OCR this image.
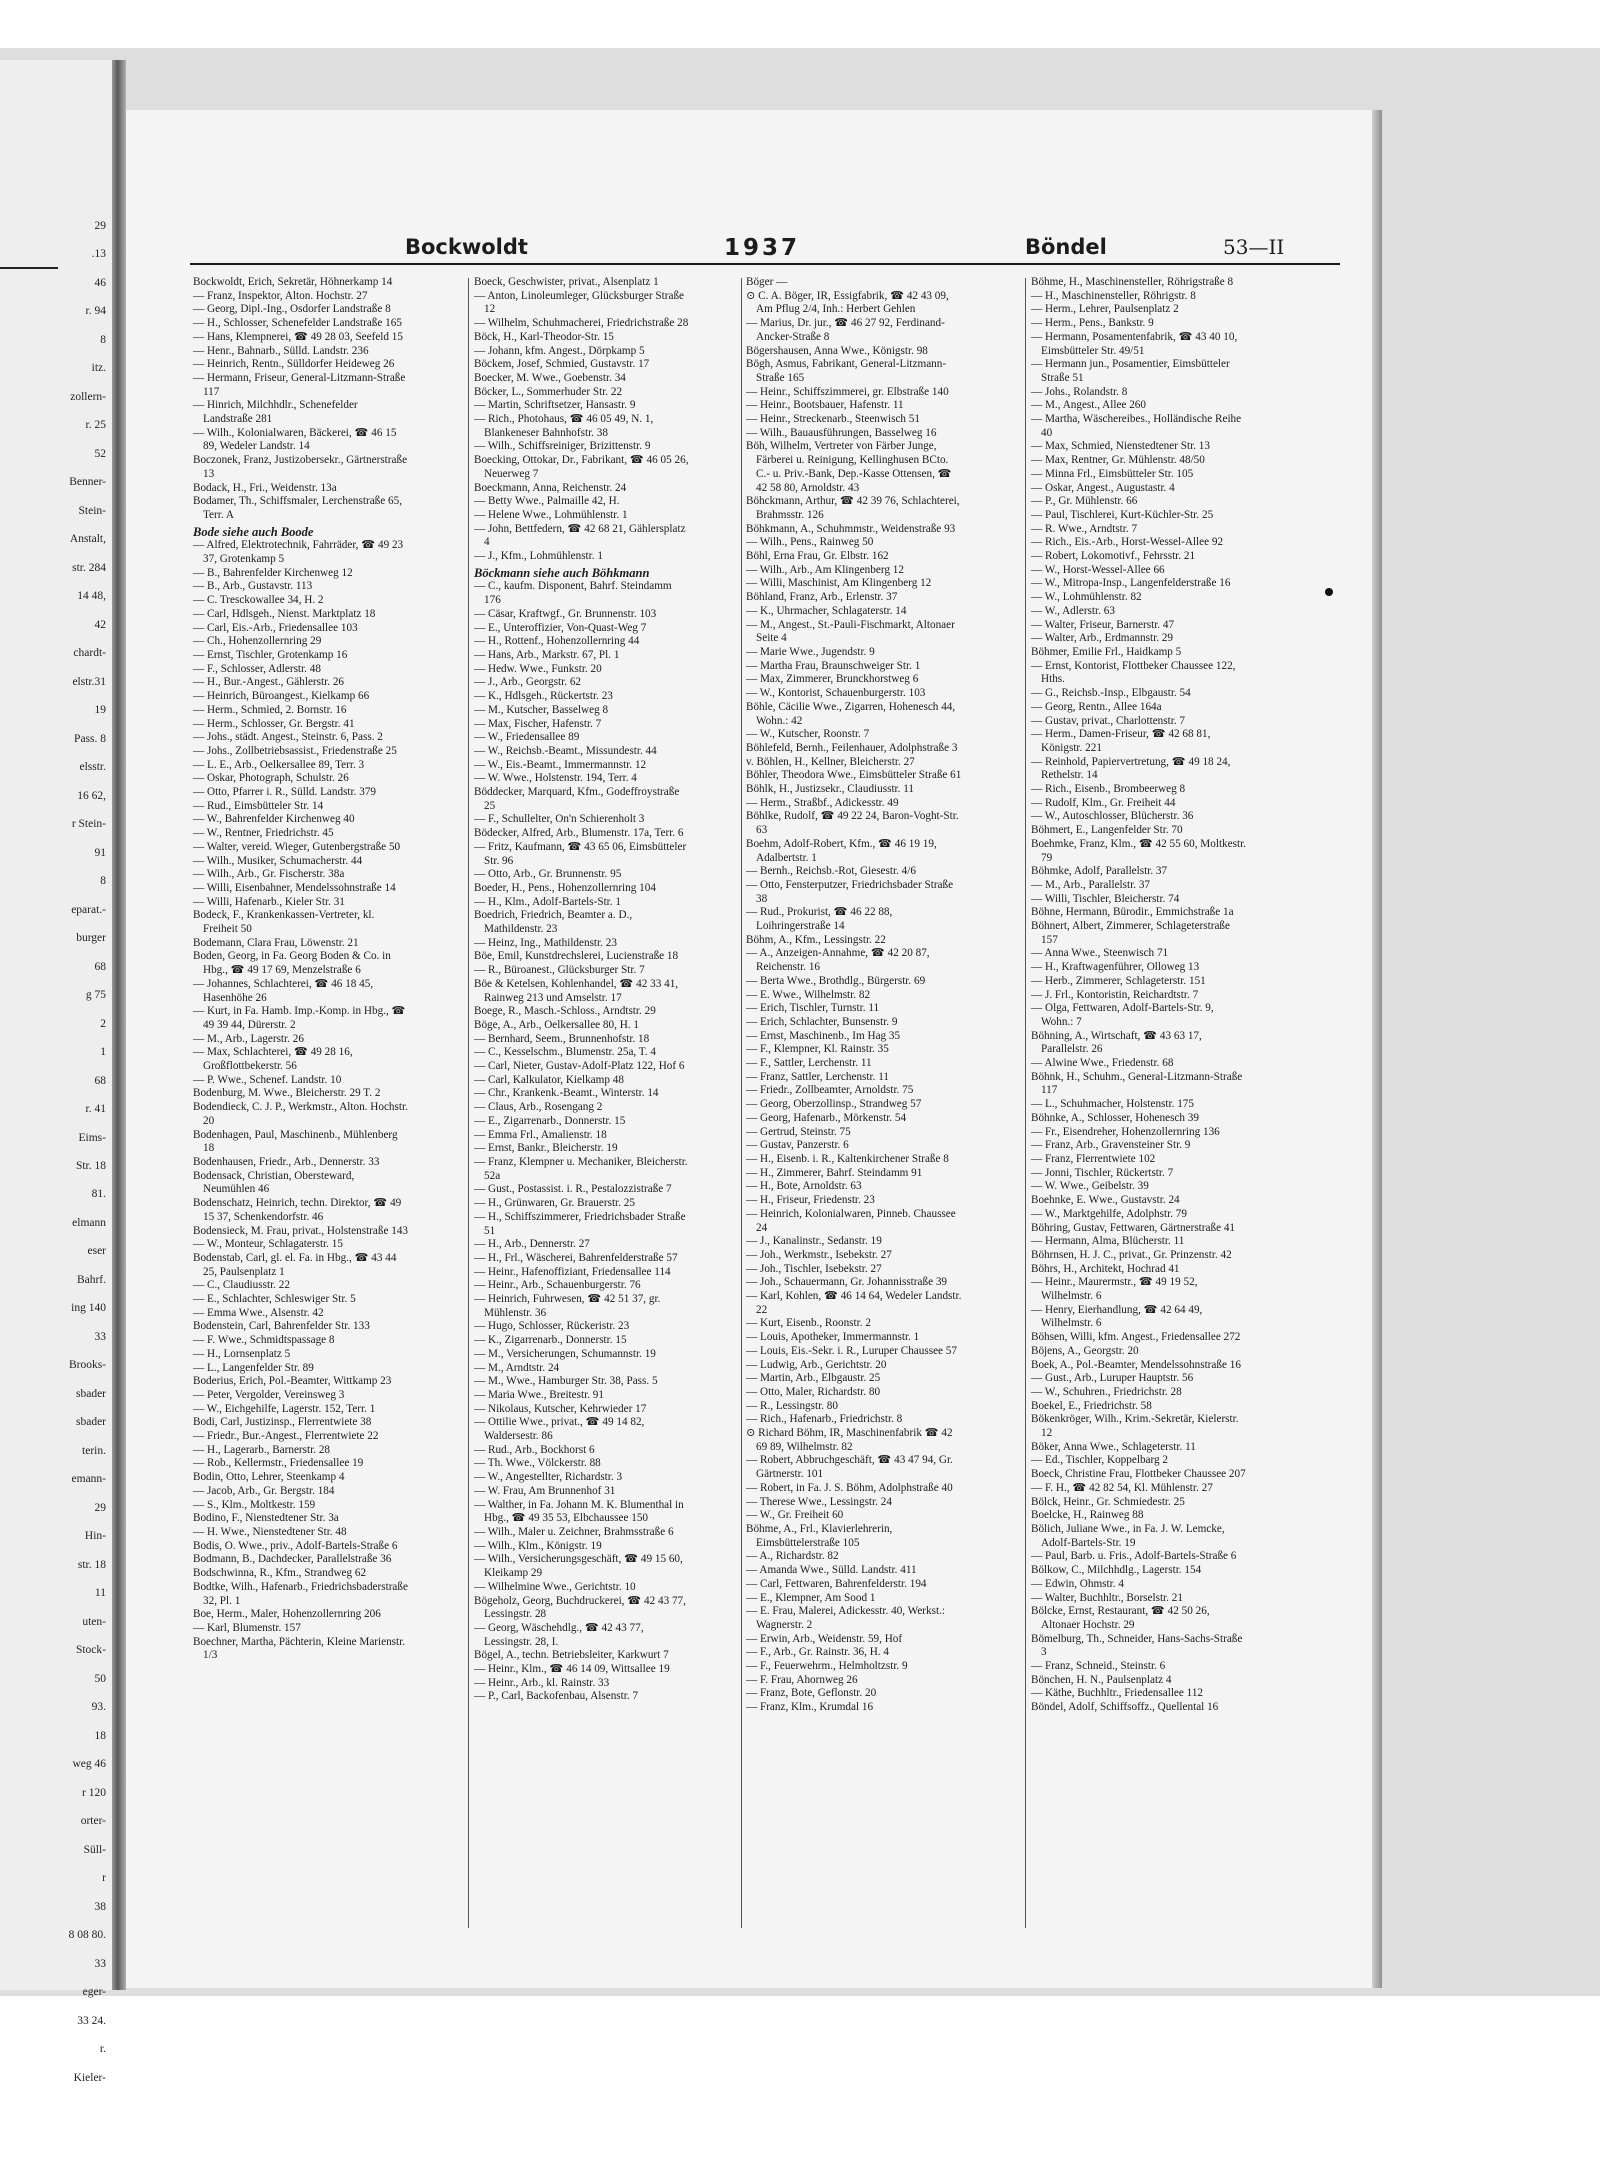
29
.13
46
r. 94
8
itz.
zollern-
r. 25
52
Benner-
Stein-
Anstalt,
str. 284
14 48,
42
chardt-
elstr.31
19
Pass. 8
elsstr.
16 62,
r Stein-
91
8
eparat.-
burger
68
g 75
2
1
68
r. 41
Eims-
Str. 18
81.
elmann
eser
Bahrf.
ing 140
33
Brooks-
sbader
sbader
terin.
emann-
29
Hin-
str. 18
11
uten-
Stock-
50
93.
18
weg 46
r 120
orter-
Süll-
r
38
8 08 80.
33
eger-
33 24.
r.
Kieler-
Bockwoldt	1937	Böndel	53—II

Bockwoldt, Erich, Sekretär, Höhnerkamp 14

— Franz, Inspektor, Alton. Hochstr. 27

— Georg, Dipl.-Ing., Osdorfer Landstraße 8

— H., Schlosser, Schenefelder Landstraße 165

— Hans, Klempnerei, ☎ 49 28 03, Seefeld 15

— Henr., Bahnarb., Sülld. Landstr. 236

— Heinrich, Rentn., Sülldorfer Heideweg 26

— Hermann, Friseur, General-Litzmann-Straße 117

— Hinrich, Milchhdlr., Schenefelder Landstraße 281

— Wilh., Kolonialwaren, Bäckerei, ☎ 46 15 89, Wedeler Landstr. 14

Boczonek, Franz, Justizobersekr., Gärtnerstraße 13

Bodack, H., Fri., Weidenstr. 13a

Bodamer, Th., Schiffsmaler, Lerchenstraße 65, Terr. A

Bode siehe auch Boode

— Alfred, Elektrotechnik, Fahrräder, ☎ 49 23 37, Grotenkamp 5

— B., Bahrenfelder Kirchenweg 12

— B., Arb., Gustavstr. 113

— C. Tresckowallee 34, H. 2

— Carl, Hdlsgeh., Nienst. Marktplatz 18

— Carl, Eis.-Arb., Friedensallee 103

— Ch., Hohenzollernring 29

— Ernst, Tischler, Grotenkamp 16

— F., Schlosser, Adlerstr. 48

— H., Bur.-Angest., Gählerstr. 26

— Heinrich, Büroangest., Kielkamp 66

— Herm., Schmied, 2. Bornstr. 16

— Herm., Schlosser, Gr. Bergstr. 41

— Johs., städt. Angest., Steinstr. 6, Pass. 2

— Johs., Zollbetriebsassist., Friedenstraße 25

— L. E., Arb., Oelkersallee 89, Terr. 3

— Oskar, Photograph, Schulstr. 26

— Otto, Pfarrer i. R., Sülld. Landstr. 379

— Rud., Eimsbütteler Str. 14

— W., Bahrenfelder Kirchenweg 40

— W., Rentner, Friedrichstr. 45

— Walter, vereid. Wieger, Gutenbergstraße 50

— Wilh., Musiker, Schumacherstr. 44

— Wilh., Arb., Gr. Fischerstr. 38a

— Willi, Eisenbahner, Mendelssohnstraße 14

— Willi, Hafenarb., Kieler Str. 31

Bodeck, F., Krankenkassen-Vertreter, kl. Freiheit 50

Bodemann, Clara Frau, Löwenstr. 21

Boden, Georg, in Fa. Georg Boden & Co. in Hbg., ☎ 49 17 69, Menzelstraße 6

— Johannes, Schlachterei, ☎ 46 18 45, Hasenhöhe 26

— Kurt, in Fa. Hamb. Imp.-Komp. in Hbg., ☎ 49 39 44, Dürerstr. 2

— M., Arb., Lagerstr. 26

— Max, Schlachterei, ☎ 49 28 16, Großflottbekerstr. 56

— P. Wwe., Schenef. Landstr. 10

Bodenburg, M. Wwe., Bleicherstr. 29 T. 2

Bodendieck, C. J. P., Werkmstr., Alton. Hochstr. 20

Bodenhagen, Paul, Maschinenb., Mühlenberg 18

Bodenhausen, Friedr., Arb., Dennerstr. 33

Bodensack, Christian, Obersteward, Neumühlen 46

Bodenschatz, Heinrich, techn. Direktor, ☎ 49 15 37, Schenkendorfstr. 46

Bodensieck, M. Frau, privat., Holstenstraße 143

— W., Monteur, Schlagaterstr. 15

Bodenstab, Carl, gl. el. Fa. in Hbg., ☎ 43 44 25, Paulsenplatz 1

— C., Claudiusstr. 22

— E., Schlachter, Schleswiger Str. 5

— Emma Wwe., Alsenstr. 42

Bodenstein, Carl, Bahrenfelder Str. 133

— F. Wwe., Schmidtspassage 8

— H., Lornsenplatz 5

— L., Langenfelder Str. 89

Boderius, Erich, Pol.-Beamter, Wittkamp 23

— Peter, Vergolder, Vereinsweg 3

— W., Eichgehilfe, Lagerstr. 152, Terr. 1

Bodi, Carl, Justizinsp., Flerrentwiete 38

— Friedr., Bur.-Angest., Flerrentwiete 22

— H., Lagerarb., Barnerstr. 28

— Rob., Kellermstr., Friedensallee 19

Bodin, Otto, Lehrer, Steenkamp 4

— Jacob, Arb., Gr. Bergstr. 184

— S., Klm., Moltkestr. 159

Bodino, F., Nienstedtener Str. 3a

— H. Wwe., Nienstedtener Str. 48

Bodis, O. Wwe., priv., Adolf-Bartels-Straße 6

Bodmann, B., Dachdecker, Parallelstraße 36

Bodschwinna, R., Kfm., Strandweg 62

Bodtke, Wilh., Hafenarb., Friedrichsbaderstraße 32, Pl. 1

Boe, Herm., Maler, Hohenzollernring 206

— Karl, Blumenstr. 157

Boechner, Martha, Pächterin, Kleine Marienstr. 1/3

Boeck, Geschwister, privat., Alsenplatz 1

— Anton, Linoleumleger, Glücksburger Straße 12

— Wilhelm, Schuhmacherei, Friedrichstraße 28

Böck, H., Karl-Theodor-Str. 15

— Johann, kfm. Angest., Dörpkamp 5

Böckem, Josef, Schmied, Gustavstr. 17

Boecker, M. Wwe., Goebenstr. 34

Böcker, L., Sommerhuder Str. 22

— Martin, Schriftsetzer, Hansastr. 9

— Rich., Photohaus, ☎ 46 05 49, N. 1, Blankeneser Bahnhofstr. 38

— Wilh., Schiffsreiniger, Brizittenstr. 9

Boecking, Ottokar, Dr., Fabrikant, ☎ 46 05 26, Neuerweg 7

Boeckmann, Anna, Reichenstr. 24

— Betty Wwe., Palmaille 42, H.

— Helene Wwe., Lohmühlenstr. 1

— John, Bettfedern, ☎ 42 68 21, Gählersplatz 4

— J., Kfm., Lohmühlenstr. 1

Böckmann siehe auch Böhkmann

— C., kaufm. Disponent, Bahrf. Steindamm 176

— Cäsar, Kraftwgf., Gr. Brunnenstr. 103

— E., Unteroffizier, Von-Quast-Weg 7

— H., Rottenf., Hohenzollernring 44

— Hans, Arb., Markstr. 67, Pl. 1

— Hedw. Wwe., Funkstr. 20

— J., Arb., Georgstr. 62

— K., Hdlsgeh., Rückertstr. 23

— M., Kutscher, Basselweg 8

— Max, Fischer, Hafenstr. 7

— W., Friedensallee 89

— W., Reichsb.-Beamt., Missundestr. 44

— W., Eis.-Beamt., Immermannstr. 12

— W. Wwe., Holstenstr. 194, Terr. 4

Böddecker, Marquard, Kfm., Godeffroystraße 25

— F., Schullelter, On'n Schierenholt 3

Bödecker, Alfred, Arb., Blumenstr. 17a, Terr. 6

— Fritz, Kaufmann, ☎ 43 65 06, Eimsbütteler Str. 96

— Otto, Arb., Gr. Brunnenstr. 95

Boeder, H., Pens., Hohenzollernring 104

— H., Klm., Adolf-Bartels-Str. 1

Boedrich, Friedrich, Beamter a. D., Mathildenstr. 23

— Heinz, Ing., Mathildenstr. 23

Böe, Emil, Kunstdrechslerei, Lucienstraße 18

— R., Büroanest., Glücksburger Str. 7

Böe & Ketelsen, Kohlenhandel, ☎ 42 33 41, Rainweg 213 und Amselstr. 17

Boege, R., Masch.-Schloss., Arndtstr. 29

Böge, A., Arb., Oelkersallee 80, H. 1

— Bernhard, Seem., Brunnenhofstr. 18

— C., Kesselschm., Blumenstr. 25a, T. 4

— Carl, Nieter, Gustav-Adolf-Platz 122, Hof 6

— Carl, Kalkulator, Kielkamp 48

— Chr., Krankenk.-Beamt., Winterstr. 14

— Claus, Arb., Rosengang 2

— E., Zigarrenarb., Donnerstr. 15

— Emma Frl., Amalienstr. 18

— Ernst, Bankr., Bleicherstr. 19

— Franz, Klempner u. Mechaniker, Bleicherstr. 52a

— Gust., Postassist. i. R., Pestalozzistraße 7

— H., Grünwaren, Gr. Brauerstr. 25

— H., Schiffszimmerer, Friedrichsbader Straße 51

— H., Arb., Dennerstr. 27

— H., Frl., Wäscherei, Bahrenfelderstraße 57

— Heinr., Hafenoffiziant, Friedensallee 114

— Heinr., Arb., Schauenburgerstr. 76

— Heinrich, Fuhrwesen, ☎ 42 51 37, gr. Mühlenstr. 36

— Hugo, Schlosser, Rückeristr. 23

— K., Zigarrenarb., Donnerstr. 15

— M., Versicherungen, Schumannstr. 19

— M., Arndtstr. 24

— M., Wwe., Hamburger Str. 38, Pass. 5

— Maria Wwe., Breitestr. 91

— Nikolaus, Kutscher, Kehrwieder 17

— Ottilie Wwe., privat., ☎ 49 14 82, Waldersestr. 86

— Rud., Arb., Bockhorst 6

— Th. Wwe., Völckerstr. 88

— W., Angestellter, Richardstr. 3

— W. Frau, Am Brunnenhof 31

— Walther, in Fa. Johann M. K. Blumenthal in Hbg., ☎ 49 35 53, Elbchaussee 150

— Wilh., Maler u. Zeichner, Brahmsstraße 6

— Wilh., Klm., Königstr. 19

— Wilh., Versicherungsgeschäft, ☎ 49 15 60, Kleikamp 29

— Wilhelmine Wwe., Gerichtstr. 10

Bögeholz, Georg, Buchdruckerei, ☎ 42 43 77, Lessingstr. 28

— Georg, Wäschehdlg., ☎ 42 43 77, Lessingstr. 28, I.

Bögel, A., techn. Betriebsleiter, Karkwurt 7

— Heinr., Klm., ☎ 46 14 09, Wittsallee 19

— Heinr., Arb., kl. Rainstr. 33

— P., Carl, Backofenbau, Alsenstr. 7

Böger —

⊙ C. A. Böger, IR, Essigfabrik, ☎ 42 43 09, Am Pflug 2/4, Inh.: Herbert Gehlen

— Marius, Dr. jur., ☎ 46 27 92, Ferdinand-Ancker-Straße 8

Bögershausen, Anna Wwe., Königstr. 98

Bögh, Asmus, Fabrikant, General-Litzmann-Straße 165

— Heinr., Schiffszimmerei, gr. Elbstraße 140

— Heinr., Bootsbauer, Hafenstr. 11

— Heinr., Streckenarb., Steenwisch 51

— Wilh., Bauausführungen, Basselweg 16

Böh, Wilhelm, Vertreter von Färber Junge, Färberei u. Reinigung, Kellinghusen BCto. C.- u. Priv.-Bank, Dep.-Kasse Ottensen, ☎ 42 58 80, Arnoldstr. 43

Böhckmann, Arthur, ☎ 42 39 76, Schlachterei, Brahmsstr. 126

Böhkmann, A., Schuhmmstr., Weidenstraße 93

— Wilh., Pens., Rainweg 50

Böhl, Erna Frau, Gr. Elbstr. 162

— Wilh., Arb., Am Klingenberg 12

— Willi, Maschinist, Am Klingenberg 12

Böhland, Franz, Arb., Erlenstr. 37

— K., Uhrmacher, Schlagaterstr. 14

— M., Angest., St.-Pauli-Fischmarkt, Altonaer Seite 4

— Marie Wwe., Jugendstr. 9

— Martha Frau, Braunschweiger Str. 1

— Max, Zimmerer, Brunckhorstweg 6

— W., Kontorist, Schauenburgerstr. 103

Böhle, Cäcilie Wwe., Zigarren, Hohenesch 44, Wohn.: 42

— W., Kutscher, Roonstr. 7

Böhlefeld, Bernh., Feilenhauer, Adolphstraße 3

v. Böhlen, H., Kellner, Bleicherstr. 27

Böhler, Theodora Wwe., Eimsbütteler Straße 61

Böhlk, H., Justizsekr., Claudiusstr. 11

— Herm., Straßbf., Adickesstr. 49

Böhlke, Rudolf, ☎ 49 22 24, Baron-Voght-Str. 63

Boehm, Adolf-Robert, Kfm., ☎ 46 19 19, Adalbertstr. 1

— Bernh., Reichsb.-Rot, Giesestr. 4/6

— Otto, Fensterputzer, Friedrichsbader Straße 38

— Rud., Prokurist, ☎ 46 22 88, Loihringerstraße 14

Böhm, A., Kfm., Lessingstr. 22

— A., Anzeigen-Annahme, ☎ 42 20 87, Reichenstr. 16

— Berta Wwe., Brothdlg., Bürgerstr. 69

— E. Wwe., Wilhelmstr. 82

— Erich, Tischler, Turnstr. 11

— Erich, Schlachter, Bunsenstr. 9

— Ernst, Maschinenb., Im Hag 35

— F., Klempner, Kl. Rainstr. 35

— F., Sattler, Lerchenstr. 11

— Franz, Sattler, Lerchenstr. 11

— Friedr., Zollbeamter, Arnoldstr. 75

— Georg, Oberzollinsp., Strandweg 57

— Georg, Hafenarb., Mörkenstr. 54

— Gertrud, Steinstr. 75

— Gustav, Panzerstr. 6

— H., Eisenb. i. R., Kaltenkirchener Straße 8

— H., Zimmerer, Bahrf. Steindamm 91

— H., Bote, Arnoldstr. 63

— H., Friseur, Friedenstr. 23

— Heinrich, Kolonialwaren, Pinneb. Chaussee 24

— J., Kanalinstr., Sedanstr. 19

— Joh., Werkmstr., Isebekstr. 27

— Joh., Tischler, Isebekstr. 27

— Joh., Schauermann, Gr. Johannisstraße 39

— Karl, Kohlen, ☎ 46 14 64, Wedeler Landstr. 22

— Kurt, Eisenb., Roonstr. 2

— Louis, Apotheker, Immermannstr. 1

— Louis, Eis.-Sekr. i. R., Luruper Chaussee 57

— Ludwig, Arb., Gerichtstr. 20

— Martin, Arb., Elbgaustr. 25

— Otto, Maler, Richardstr. 80

— R., Lessingstr. 80

— Rich., Hafenarb., Friedrichstr. 8

⊙ Richard Böhm, IR, Maschinenfabrik ☎ 42 69 89, Wilhelmstr. 82

— Robert, Abbruchgeschäft, ☎ 43 47 94, Gr. Gärtnerstr. 101

— Robert, in Fa. J. S. Böhm, Adolphstraße 40

— Therese Wwe., Lessingstr. 24

— W., Gr. Freiheit 60

Böhme, A., Frl., Klavierlehrerin, Eimsbüttelerstraße 105

— A., Richardstr. 82

— Amanda Wwe., Sülld. Landstr. 411

— Carl, Fettwaren, Bahrenfelderstr. 194

— E., Klempner, Am Sood 1

— E. Frau, Malerei, Adickesstr. 40, Werkst.: Wagnerstr. 2

— Erwin, Arb., Weidenstr. 59, Hof

— F., Arb., Gr. Rainstr. 36, H. 4

— F., Feuerwehrm., Helmholtzstr. 9

— F. Frau, Ahornweg 26

— Franz, Bote, Geflonstr. 20

— Franz, Klm., Krumdal 16

Böhme, H., Maschinensteller, Röhrigstraße 8

— H., Maschinensteller, Röhrigstr. 8

— Herm., Lehrer, Paulsenplatz 2

— Herm., Pens., Bankstr. 9

— Hermann, Posamentenfabrik, ☎ 43 40 10, Eimsbütteler Str. 49/51

— Hermann jun., Posamentier, Eimsbütteler Straße 51

— Johs., Rolandstr. 8

— M., Angest., Allee 260

— Martha, Wäschereibes., Holländische Reihe 40

— Max, Schmied, Nienstedtener Str. 13

— Max, Rentner, Gr. Mühlenstr. 48/50

— Minna Frl., Eimsbütteler Str. 105

— Oskar, Angest., Augustastr. 4

— P., Gr. Mühlenstr. 66

— Paul, Tischlerei, Kurt-Küchler-Str. 25

— R. Wwe., Arndtstr. 7

— Rich., Eis.-Arb., Horst-Wessel-Allee 92

— Robert, Lokomotivf., Fehrsstr. 21

— W., Horst-Wessel-Allee 66

— W., Mitropa-Insp., Langenfelderstraße 16

— W., Lohmühlenstr. 82

— W., Adlerstr. 63

— Walter, Friseur, Barnerstr. 47

— Walter, Arb., Erdmannstr. 29

Böhmer, Emilie Frl., Haidkamp 5

— Ernst, Kontorist, Flottbeker Chaussee 122, Hths.

— G., Reichsb.-Insp., Elbgaustr. 54

— Georg, Rentn., Allee 164a

— Gustav, privat., Charlottenstr. 7

— Herm., Damen-Friseur, ☎ 42 68 81, Königstr. 221

— Reinhold, Papiervertretung, ☎ 49 18 24, Rethelstr. 14

— Rich., Eisenb., Brombeerweg 8

— Rudolf, Klm., Gr. Freiheit 44

— W., Autoschlosser, Blücherstr. 36

Böhmert, E., Langenfelder Str. 70

Boehmke, Franz, Klm., ☎ 42 55 60, Moltkestr. 79

Böhmke, Adolf, Parallelstr. 37

— M., Arb., Parallelstr. 37

— Willi, Tischler, Bleicherstr. 74

Böhne, Hermann, Bürodir., Emmichstraße 1a

Böhnert, Albert, Zimmerer, Schlageterstraße 157

— Anna Wwe., Steenwisch 71

— H., Kraftwagenführer, Olloweg 13

— Herb., Zimmerer, Schlageterstr. 151

— J. Frl., Kontoristin, Reichardtstr. 7

— Olga, Fettwaren, Adolf-Bartels-Str. 9, Wohn.: 7

Böhning, A., Wirtschaft, ☎ 43 63 17, Parallelstr. 26

— Alwine Wwe., Friedenstr. 68

Böhnk, H., Schuhm., General-Litzmann-Straße 117

— L., Schuhmacher, Holstenstr. 175

Böhnke, A., Schlosser, Hohenesch 39

— Fr., Eisendreher, Hohenzollernring 136

— Franz, Arb., Gravensteiner Str. 9

— Franz, Flerrentwiete 102

— Jonni, Tischler, Rückertstr. 7

— W. Wwe., Geibelstr. 39

Boehnke, E. Wwe., Gustavstr. 24

— W., Marktgehilfe, Adolphstr. 79

Böhring, Gustav, Fettwaren, Gärtnerstraße 41

— Hermann, Alma, Blücherstr. 11

Böhrnsen, H. J. C., privat., Gr. Prinzenstr. 42

Böhrs, H., Architekt, Hochrad 41

— Heinr., Maurermstr., ☎ 49 19 52, Wilhelmstr. 6

— Henry, Eierhandlung, ☎ 42 64 49, Wilhelmstr. 6

Böhsen, Willi, kfm. Angest., Friedensallee 272

Böjens, A., Georgstr. 20

Boek, A., Pol.-Beamter, Mendelssohnstraße 16

— Gust., Arb., Luruper Hauptstr. 56

— W., Schuhren., Friedrichstr. 28

Boekel, E., Friedrichstr. 58

Bökenkröger, Wilh., Krim.-Sekretär, Kielerstr. 12

Böker, Anna Wwe., Schlageterstr. 11

— Ed., Tischler, Koppelbarg 2

Boeck, Christine Frau, Flottbeker Chaussee 207

— F. H., ☎ 42 82 54, Kl. Mühlenstr. 27

Bölck, Heinr., Gr. Schmiedestr. 25

Boelcke, H., Rainweg 88

Bölich, Juliane Wwe., in Fa. J. W. Lemcke, Adolf-Bartels-Str. 19

— Paul, Barb. u. Fris., Adolf-Bartels-Straße 6

Bölkow, C., Milchhdlg., Lagerstr. 154

— Edwin, Ohmstr. 4

— Walter, Buchhltr., Borselstr. 21

Bölcke, Ernst, Restaurant, ☎ 42 50 26, Altonaer Hochstr. 29

Bömelburg, Th., Schneider, Hans-Sachs-Straße 3

— Franz, Schneid., Steinstr. 6

Bönchen, H. N., Paulsenplatz 4

— Käthe, Buchhltr., Friedensallee 112

Böndel, Adolf, Schiffsoffz., Quellental 16
